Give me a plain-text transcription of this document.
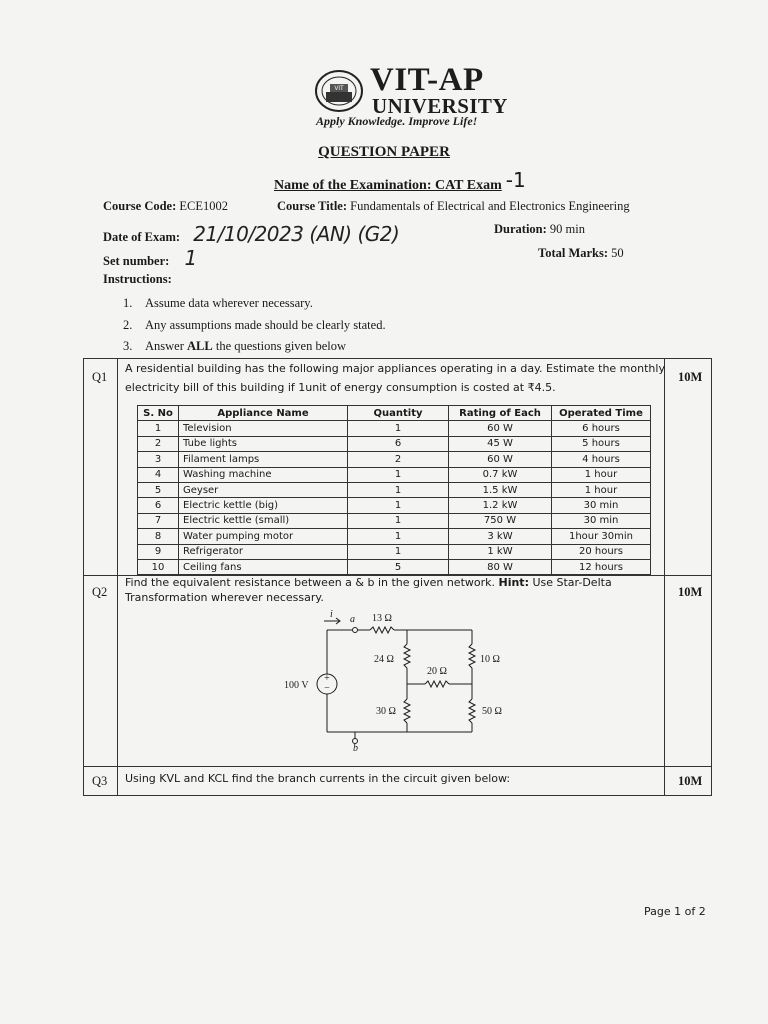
VIT VIT-AP
UNIVERSITY
Apply Knowledge. Improve Life!
QUESTION PAPER
Name of the Examination: CAT Exam -1
Course Code: ECE1002	Course Title: Fundamentals of Electrical and Electronics Engineering
Date of Exam: 21/10/2023 (AN) (G2)	Duration: 90 min
Set number: 1	Total Marks: 50
Instructions:
1. Assume data wherever necessary.
2. Any assumptions made should be clearly stated.
3. Answer ALL the questions given below
Q1
A residential building has the following major appliances operating in a day. Estimate the monthly electricity bill of this building if 1unit of energy consumption is costed at ₹4.5.
10M
Q2
Find the equivalent resistance between a & b in the given network. Hint: Use Star-Delta Transformation wherever necessary.	10M
Q3 Using KVL and KCL find the branch currents in the circuit given below:	10M
S. No	Appliance Name	Quantity	Rating of Each	Operated Time
1	Television	1	60 W	6 hours
2	Tube lights	6	45 W	5 hours
3	Filament lamps	2	60 W	4 hours
4	Washing machine	1	0.7 kW	1 hour
5	Geyser	1	1.5 kW	1 hour
6	Electric kettle (big)	1	1.2 kW	30 min
7	Electric kettle (small)	1	750 W	30 min
8	Water pumping motor	1	3 kW	1hour 30min
9	Refrigerator	1	1 kW	20 hours
10	Ceiling fans	5	80 W	12 hours
+
−
i a
b
100 V
13 Ω
24 Ω	10 Ω
20 Ω
30 Ω	50 Ω
Page 1 of 2
